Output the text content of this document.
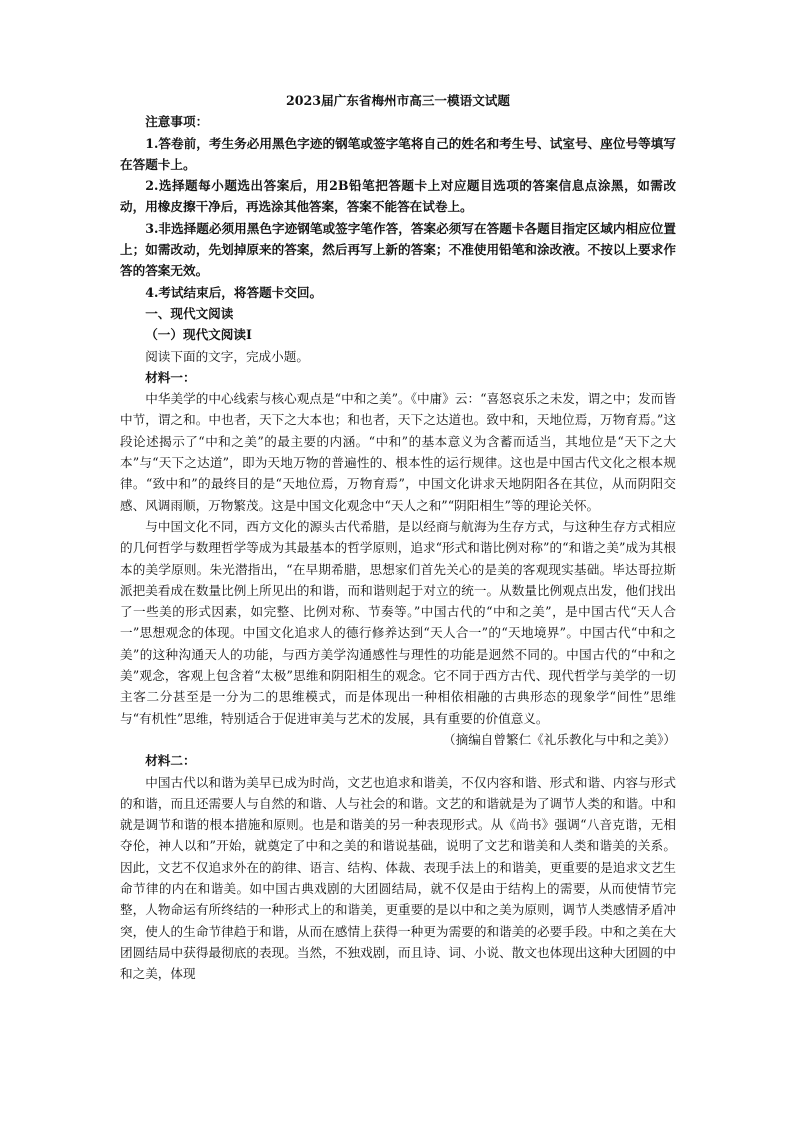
2023届广东省梅州市高三一模语文试题

注意事项：

1.答卷前，考生务必用黑色字迹的钢笔或签字笔将自己的姓名和考生号、试室号、座位号等填写在答题卡上。

2.选择题每小题选出答案后，用2B铅笔把答题卡上对应题目选项的答案信息点涂黑，如需改动，用橡皮擦干净后，再选涂其他答案，答案不能答在试卷上。

3.非选择题必须用黑色字迹钢笔或签字笔作答，答案必须写在答题卡各题目指定区域内相应位置上；如需改动，先划掉原来的答案，然后再写上新的答案；不准使用铅笔和涂改液。不按以上要求作答的答案无效。

4.考试结束后，将答题卡交回。

一、现代文阅读

（一）现代文阅读Ⅰ

阅读下面的文字，完成小题。

材料一：

中华美学的中心线索与核心观点是“中和之美”。《中庸》云：“喜怒哀乐之未发，谓之中；发而皆中节，谓之和。中也者，天下之大本也；和也者，天下之达道也。致中和，天地位焉，万物育焉。”这段论述揭示了“中和之美”的最主要的内涵。“中和”的基本意义为含蓄而适当，其地位是“天下之大本”与“天下之达道”，即为天地万物的普遍性的、根本性的运行规律。这也是中国古代文化之根本规律。“致中和”的最终目的是“天地位焉，万物育焉”，中国文化讲求天地阴阳各在其位，从而阴阳交感、风调雨顺，万物繁茂。这是中国文化观念中“天人之和”“阴阳相生”等的理论关怀。

与中国文化不同，西方文化的源头古代希腊，是以经商与航海为生存方式，与这种生存方式相应的几何哲学与数理哲学等成为其最基本的哲学原则，追求“形式和谐比例对称”的“和谐之美”成为其根本的美学原则。朱光潜指出，“在早期希腊，思想家们首先关心的是美的客观现实基础。毕达哥拉斯派把美看成在数量比例上所见出的和谐，而和谐则起于对立的统一。从数量比例观点出发，他们找出了一些美的形式因素，如完整、比例对称、节奏等。”中国古代的“中和之美”，是中国古代“天人合一”思想观念的体现。中国文化追求人的德行修养达到“天人合一”的“天地境界”。中国古代“中和之美”的这种沟通天人的功能，与西方美学沟通感性与理性的功能是迥然不同的。中国古代的“中和之美”观念，客观上包含着“太极”思维和阴阳相生的观念。它不同于西方古代、现代哲学与美学的一切主客二分甚至是一分为二的思维模式，而是体现出一种相依相融的古典形态的现象学“间性”思维与“有机性”思维，特别适合于促进审美与艺术的发展，具有重要的价值意义。

（摘编自曾繁仁《礼乐教化与中和之美》）

材料二：

中国古代以和谐为美早已成为时尚，文艺也追求和谐美，不仅内容和谐、形式和谐、内容与形式的和谐，而且还需要人与自然的和谐、人与社会的和谐。文艺的和谐就是为了调节人类的和谐。中和就是调节和谐的根本措施和原则。也是和谐美的另一种表现形式。从《尚书》强调“八音克谐，无相夺伦，神人以和”开始，就奠定了中和之美的和谐说基础，说明了文艺和谐美和人类和谐美的关系。因此，文艺不仅追求外在的韵律、语言、结构、体裁、表现手法上的和谐美，更重要的是追求文艺生命节律的内在和谐美。如中国古典戏剧的大团圆结局，就不仅是由于结构上的需要，从而使情节完整，人物命运有所终结的一种形式上的和谐美，更重要的是以中和之美为原则，调节人类感情矛盾冲突，使人的生命节律趋于和谐，从而在感情上获得一种更为需要的和谐美的必要手段。中和之美在大团圆结局中获得最彻底的表现。当然，不独戏剧，而且诗、词、小说、散文也体现出这种大团圆的中和之美，体现
